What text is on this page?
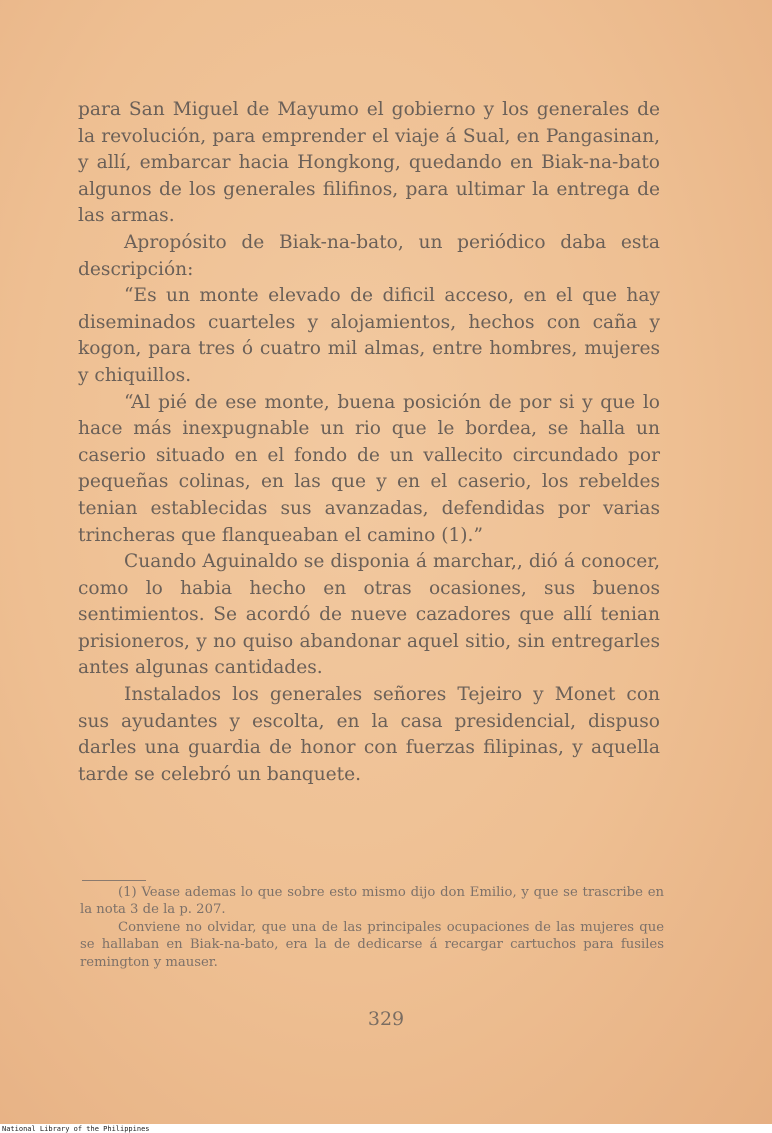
para San Miguel de Mayumo el gobierno y los generales de la revolución, para emprender el viaje á Sual, en Pangasinan, y allí, embarcar hacia Hongkong, quedando en Biak-na-bato algunos de los generales filifinos, para ultimar la entrega de las armas.

Apropósito de Biak-na-bato, un periódico daba esta descripción:

“Es un monte elevado de dificil acceso, en el que hay diseminados cuarteles y alojamientos, hechos con caña y kogon, para tres ó cuatro mil almas, entre hombres, mujeres y chiquillos.

“Al pié de ese monte, buena posición de por si y que lo hace más inexpugnable un rio que le bordea, se halla un caserio situado en el fondo de un vallecito circundado por pequeñas colinas, en las que y en el caserio, los rebeldes tenian establecidas sus avanzadas, defendidas por varias trincheras que flanqueaban el camino (1).”

Cuando Aguinaldo se disponia á marchar,, dió á conocer, como lo habia hecho en otras ocasiones, sus buenos sentimientos. Se acordó de nueve cazadores que allí tenian prisioneros, y no quiso abandonar aquel sitio, sin entregarles antes algunas cantidades.

Instalados los generales señores Tejeiro y Monet con sus ayudantes y escolta, en la casa presidencial, dispuso darles una guardia de honor con fuerzas filipinas, y aquella tarde se celebró un banquete.

(1) Vease ademas lo que sobre esto mismo dijo don Emilio, y que se trascribe en la nota 3 de la p. 207.

Conviene no olvidar, que una de las principales ocupaciones de las mujeres que se hallaban en Biak-na-bato, era la de dedicarse á recargar cartuchos para fusiles remington y mauser.

329
National Library of the Philippines
